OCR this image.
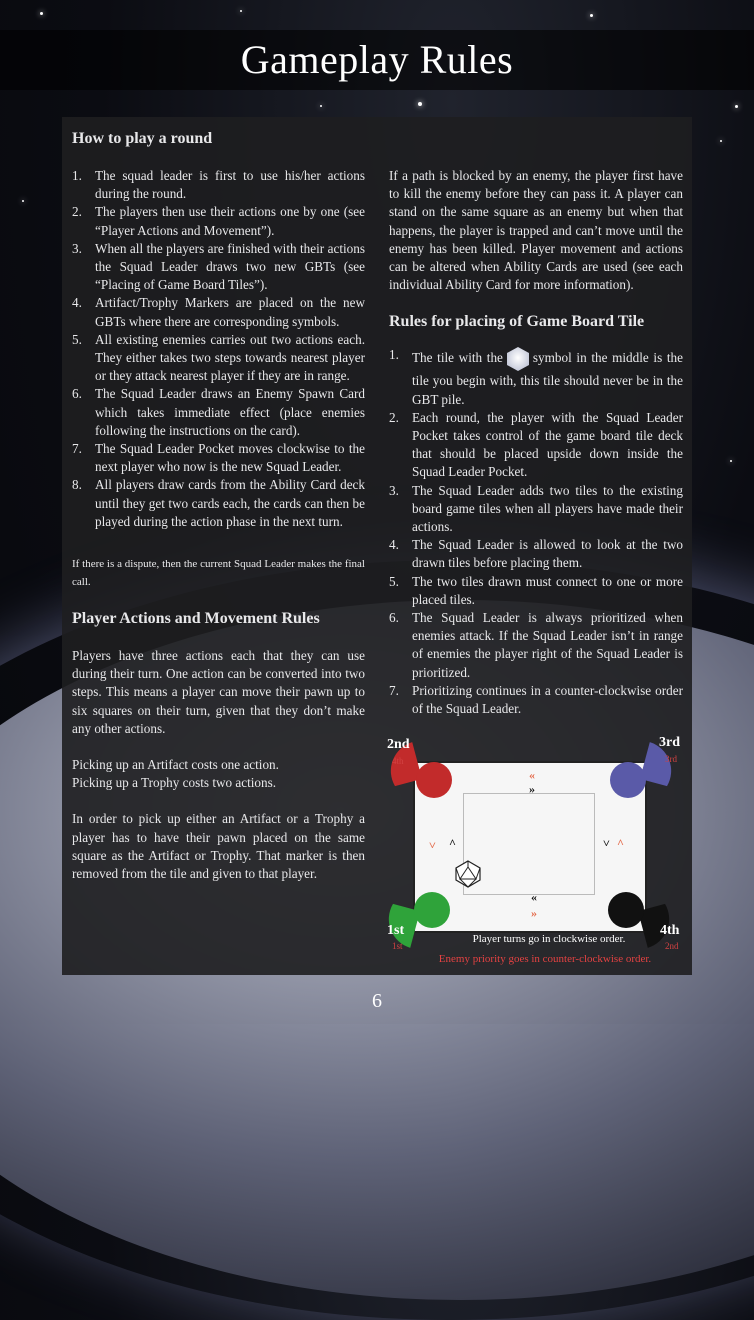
Gameplay Rules
How to play a round
1. The squad leader is first to use his/her actions during the round.
2. The players then use their actions one by one (see “Player Actions and Movement”).
3. When all the players are finished with their actions the Squad Leader draws two new GBTs (see “Placing of Game Board Tiles”).
4. Artifact/Trophy Markers are placed on the new GBTs where there are corresponding symbols.
5. All existing enemies carries out two actions each. They either takes two steps towards nearest player or they attack nearest player if they are in range.
6. The Squad Leader draws an Enemy Spawn Card which takes immediate effect (place enemies following the instructions on the card).
7. The Squad Leader Pocket moves clockwise to the next player who now is the new Squad Leader.
8. All players draw cards from the Ability Card deck until they get two cards each, the cards can then be played during the action phase in the next turn.

If there is a dispute, then the current Squad Leader makes the final call.

Player Actions and Movement Rules

Players have three actions each that they can use during their turn. One action can be converted into two steps. This means a player can move their pawn up to six squares on their turn, given that they don’t make any other actions.

Picking up an Artifact costs one action.

Picking up a Trophy costs two actions.

In order to pick up either an Artifact or a Trophy a player has to have their pawn placed on the same square as the Artifact or Trophy. That marker is then removed from the tile and given to that player.

If a path is blocked by an enemy, the player first have to kill the enemy before they can pass it. A player can stand on the same square as an enemy but when that happens, the player is trapped and can’t move until the enemy has been killed. Player movement and actions can be altered when Ability Cards are used (see each individual Ability Card for more information).

Rules for placing of Game Board Tile
1. The tile with the symbol in the middle is the tile you begin with, this tile should never be in the GBT pile.
2. Each round, the player with the Squad Leader Pocket takes control of the game board tile deck that should be placed upside down inside the Squad Leader Pocket.
3. The Squad Leader adds two tiles to the existing board game tiles when all players have made their actions.
4. The Squad Leader is allowed to look at the two drawn tiles before placing them.
5. The two tiles drawn must connect to one or more placed tiles.
6. The Squad Leader is always prioritized when enemies attack. If the Squad Leader isn’t in range of enemies the player right of the Squad Leader is prioritized.
7. Prioritizing continues in a counter-clockwise order of the Squad Leader.
«
»
˅ ^	˅ ^
«
»
2nd
4th
3rd
3rd
1st
1st
4th
2nd
Player turns go in clockwise order.
Enemy priority goes in counter-clockwise order.
6
